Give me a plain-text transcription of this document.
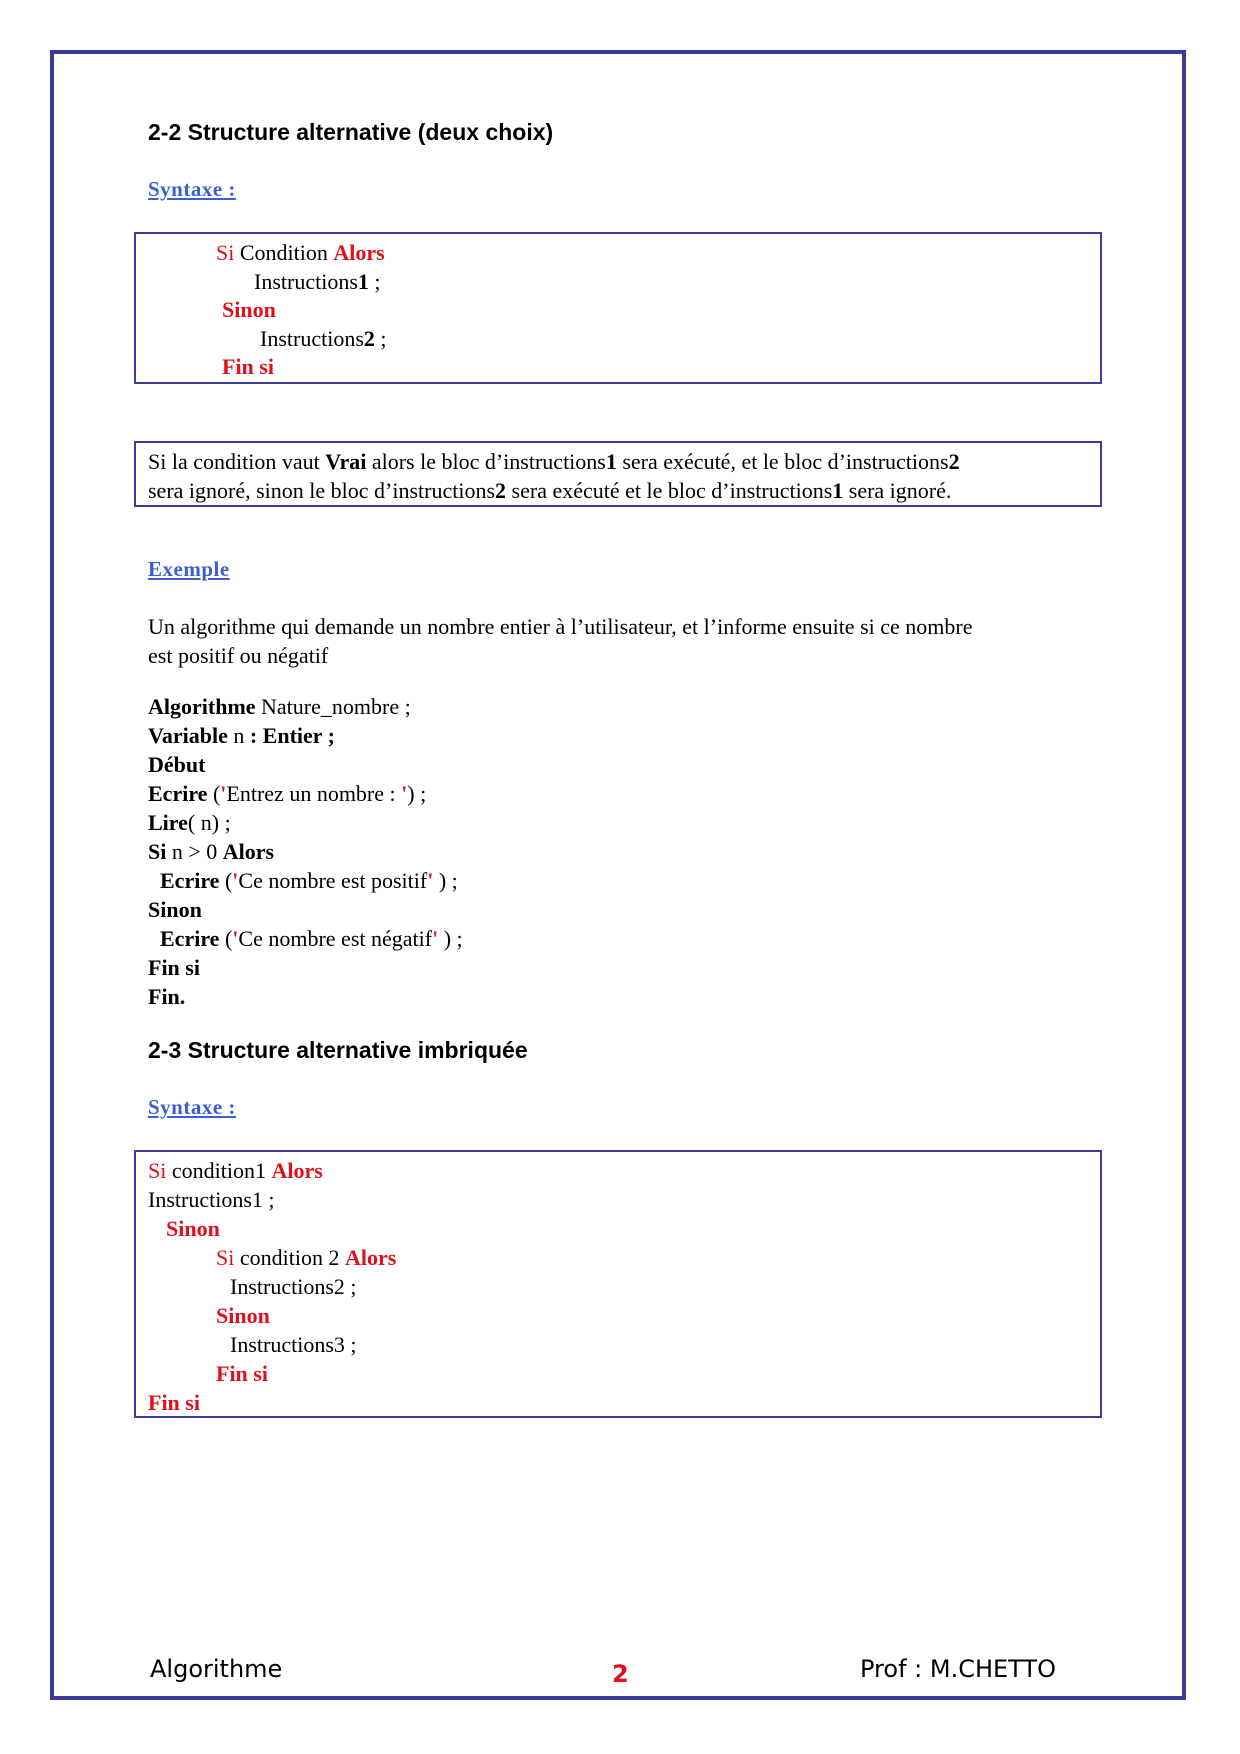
2-2 Structure alternative (deux choix)
Syntaxe :
Si Condition Alors
Instructions1 ;
Sinon
Instructions2 ;
Fin si
Si la condition vaut Vrai alors le bloc d’instructions1 sera exécuté, et le bloc d’instructions2
sera ignoré, sinon le bloc d’instructions2 sera exécuté et le bloc d’instructions1 sera ignoré.
Exemple
Un algorithme qui demande un nombre entier à l’utilisateur, et l’informe ensuite si ce nombre
est positif ou négatif
Algorithme Nature_nombre ;
Variable n : Entier ;
Début
Ecrire ('Entrez un nombre : ') ;
Lire( n) ;
Si n > 0 Alors
Ecrire ('Ce nombre est positif' ) ;
Sinon
Ecrire ('Ce nombre est négatif' ) ;
Fin si
Fin.
2-3 Structure alternative imbriquée
Syntaxe :
Si condition1 Alors
Instructions1 ;
Sinon
Si condition 2 Alors
Instructions2 ;
Sinon
Instructions3 ;
Fin si
Fin si
Algorithme	2	Prof : M.CHETTO
